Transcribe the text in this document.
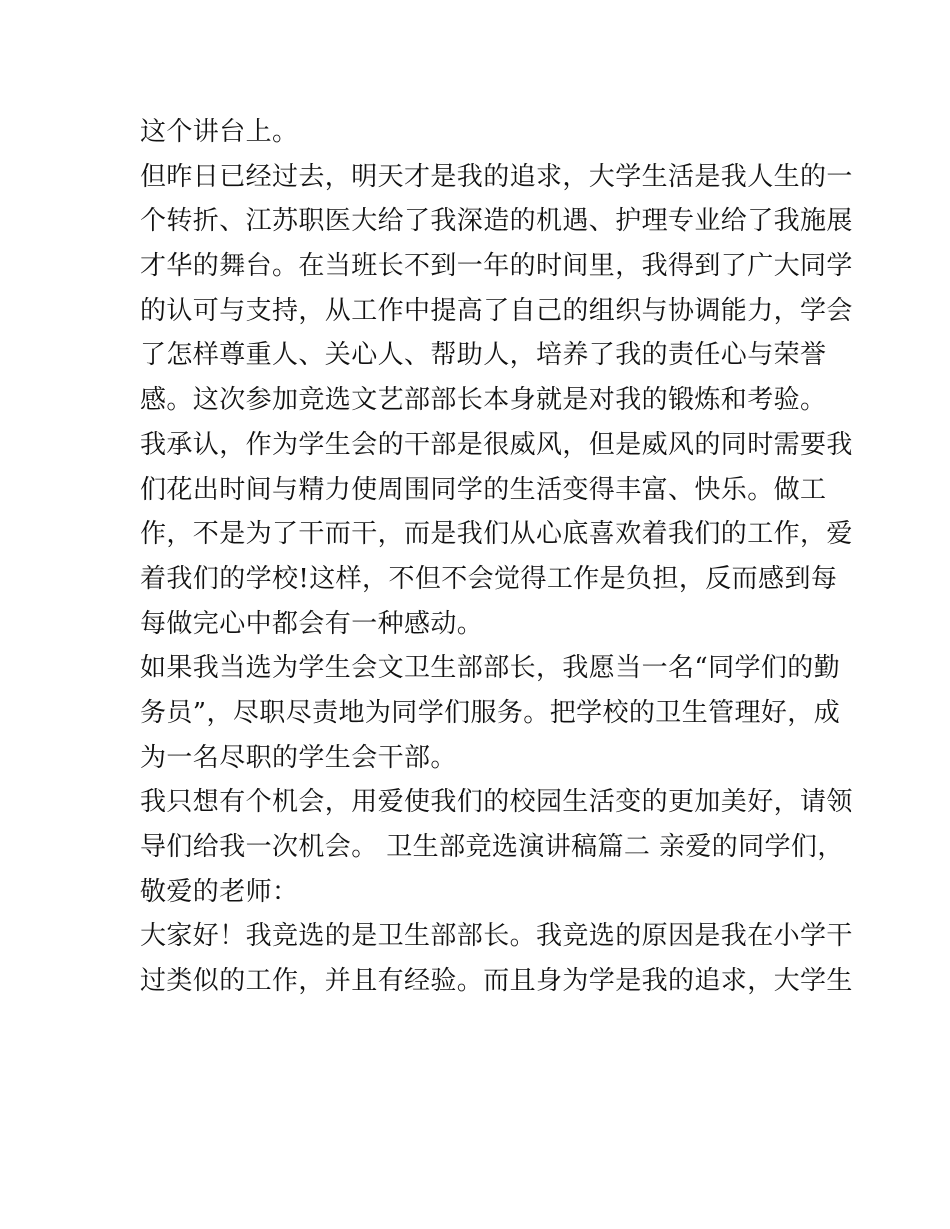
这个讲台上。
但昨日已经过去，明天才是我的追求，大学生活是我人生的一
个转折、江苏职医大给了我深造的机遇、护理专业给了我施展
才华的舞台。在当班长不到一年的时间里，我得到了广大同学
的认可与支持，从工作中提高了自己的组织与协调能力，学会
了怎样尊重人、关心人、帮助人，培养了我的责任心与荣誉
感。这次参加竞选文艺部部长本身就是对我的锻炼和考验。
我承认，作为学生会的干部是很威风，但是威风的同时需要我
们花出时间与精力使周围同学的生活变得丰富、快乐。做工
作，不是为了干而干，而是我们从心底喜欢着我们的工作，爱
着我们的学校!这样，不但不会觉得工作是负担，反而感到每
每做完心中都会有一种感动。
如果我当选为学生会文卫生部部长，我愿当一名“同学们的勤
务员”，尽职尽责地为同学们服务。把学校的卫生管理好，成
为一名尽职的学生会干部。
我只想有个机会，用爱使我们的校园生活变的更加美好，请领
导们给我一次机会。 卫生部竞选演讲稿篇二 亲爱的同学们，
敬爱的老师：
大家好！我竞选的是卫生部部长。我竞选的原因是我在小学干
过类似的工作，并且有经验。而且身为学是我的追求，大学生
